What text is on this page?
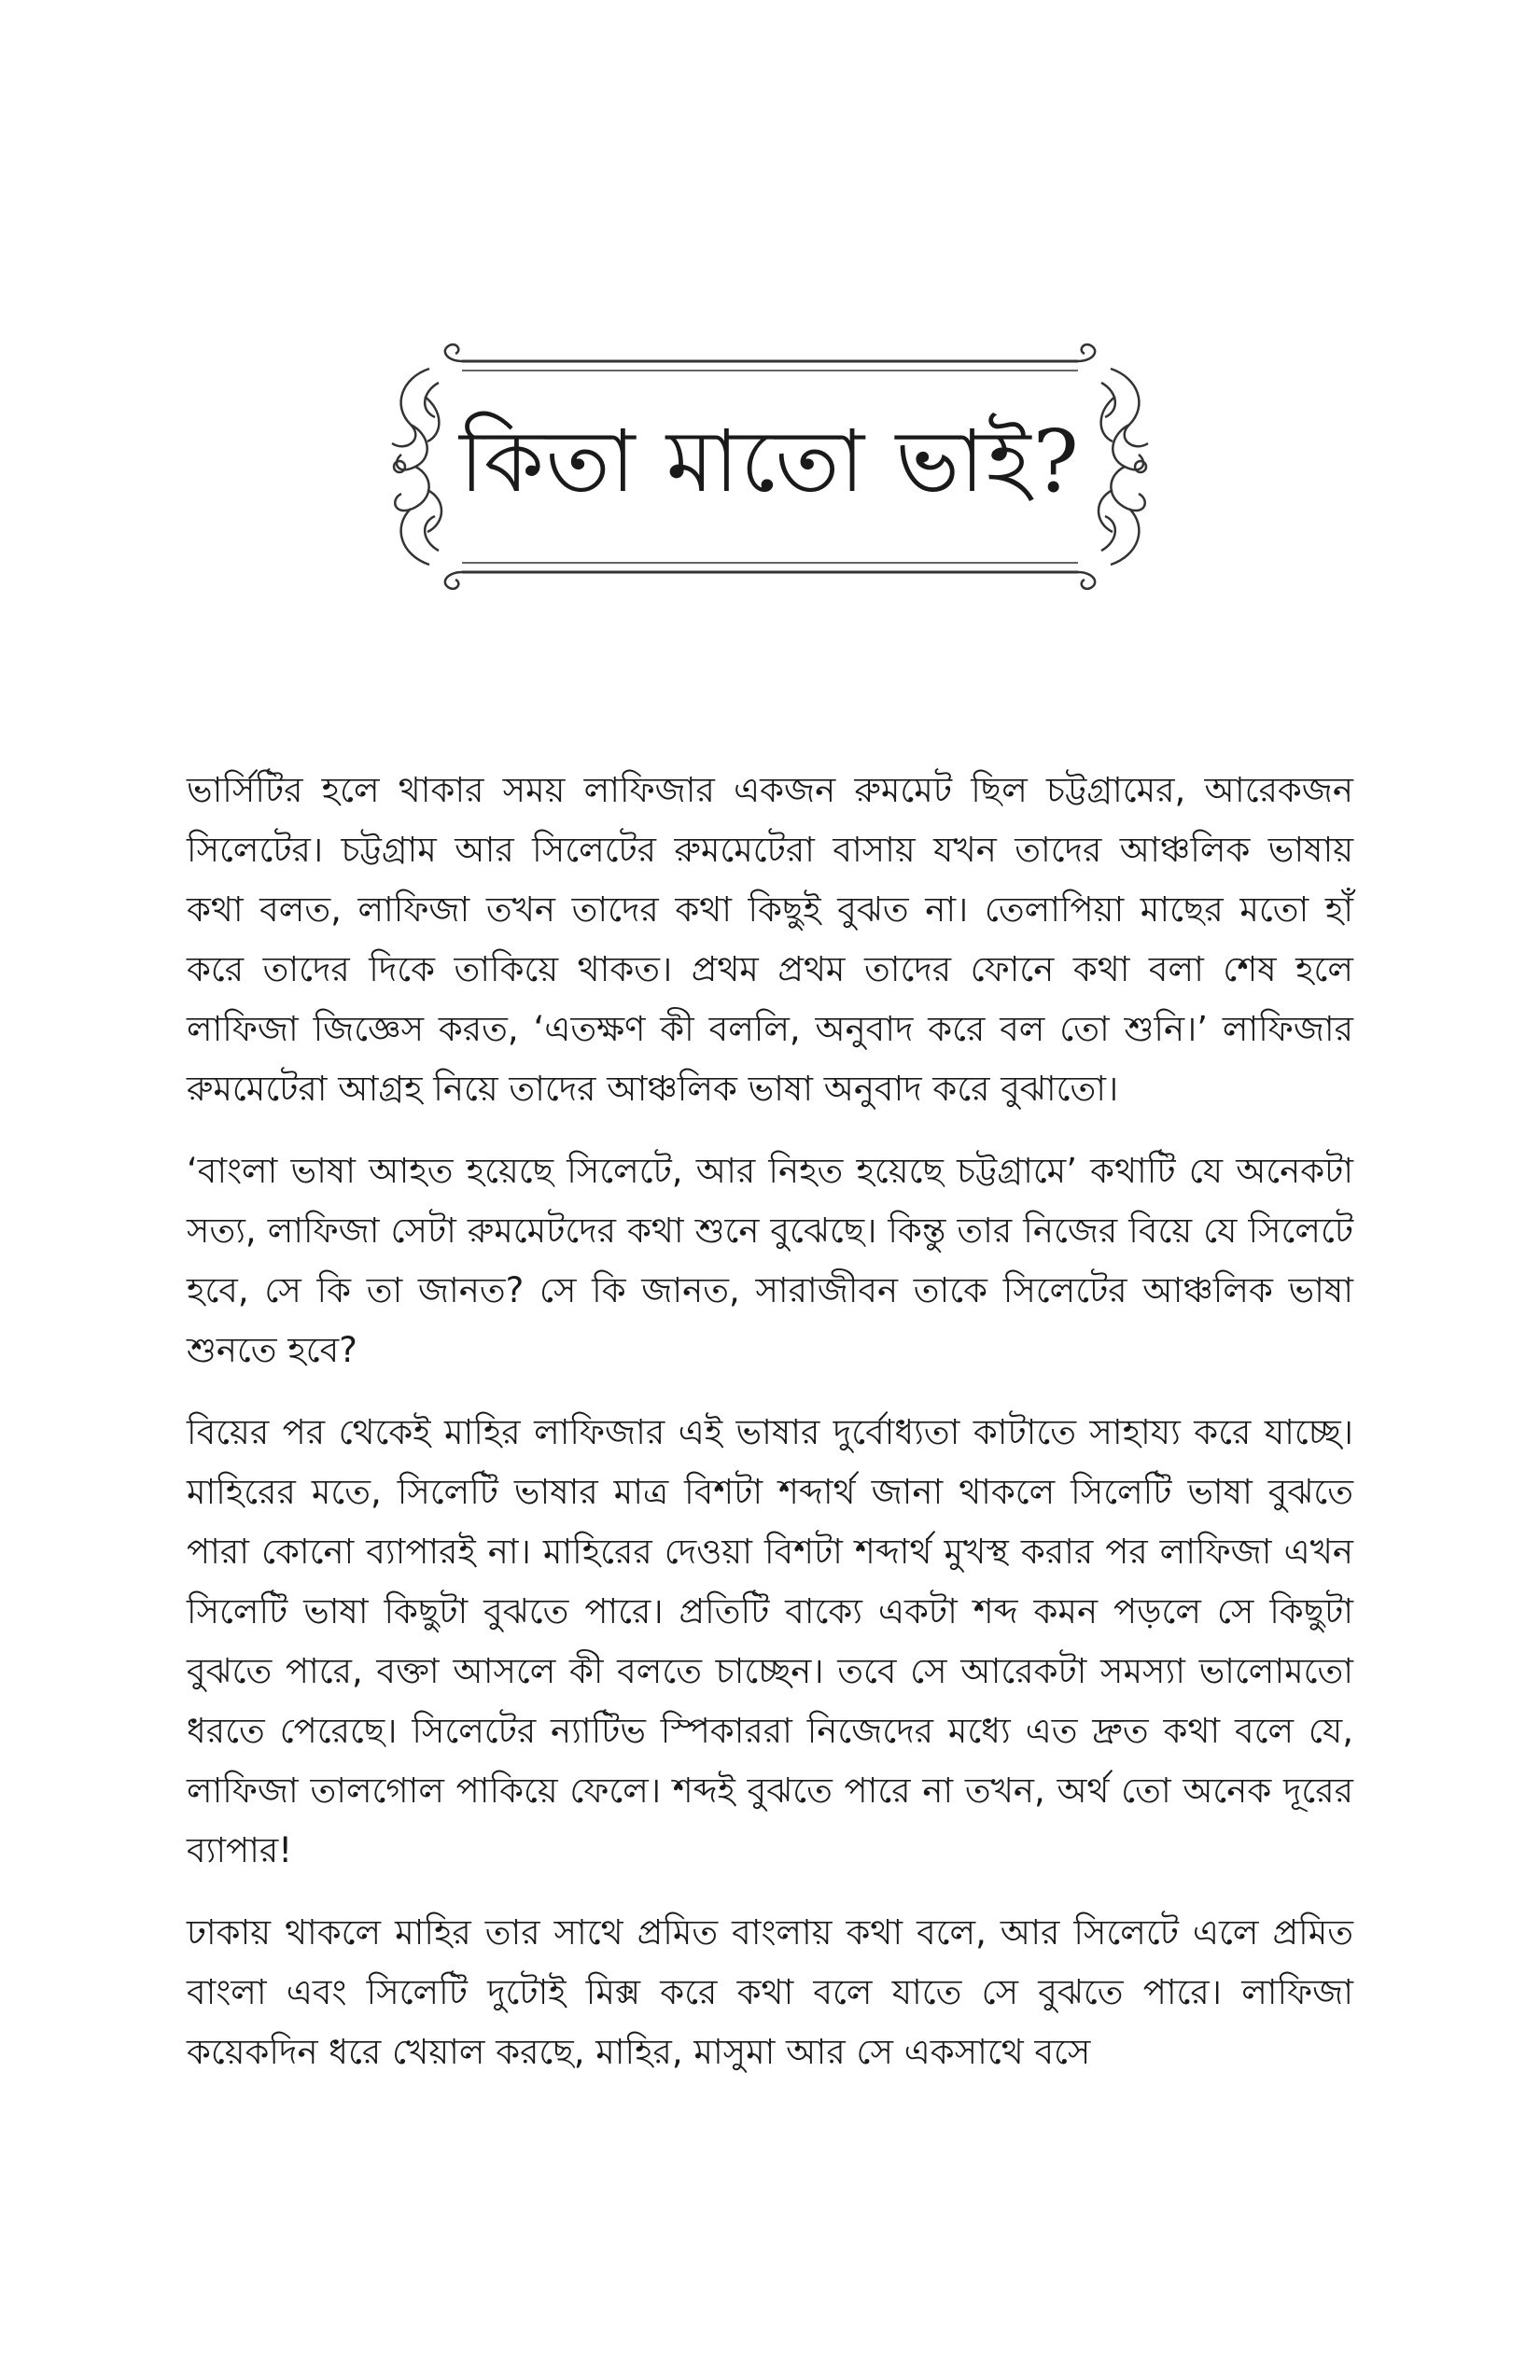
কিতা মাতো ভাই?

ভার্সিটির হলে থাকার সময় লাফিজার একজন রুমমেট ছিল চট্টগ্রামের, আরেকজন সিলেটের। চট্টগ্রাম আর সিলেটের রুমমেটেরা বাসায় যখন তাদের আঞ্চলিক ভাষায় কথা বলত, লাফিজা তখন তাদের কথা কিছুই বুঝত না। তেলাপিয়া মাছের মতো হাঁ করে তাদের দিকে তাকিয়ে থাকত। প্রথম প্রথম তাদের ফোনে কথা বলা শেষ হলে লাফিজা জিজ্ঞেস করত, ‘এতক্ষণ কী বললি, অনুবাদ করে বল তো শুনি।’ লাফিজার রুমমেটেরা আগ্রহ নিয়ে তাদের আঞ্চলিক ভাষা অনুবাদ করে বুঝাতো।

‘বাংলা ভাষা আহত হয়েছে সিলেটে, আর নিহত হয়েছে চট্টগ্রামে’ কথাটি যে অনেকটা সত্য, লাফিজা সেটা রুমমেটদের কথা শুনে বুঝেছে। কিন্তু তার নিজের বিয়ে যে সিলেটে হবে, সে কি তা জানত? সে কি জানত, সারাজীবন তাকে সিলেটের আঞ্চলিক ভাষা শুনতে হবে?

বিয়ের পর থেকেই মাহির লাফিজার এই ভাষার দুর্বোধ্যতা কাটাতে সাহায্য করে যাচ্ছে। মাহিরের মতে, সিলেটি ভাষার মাত্র বিশটা শব্দার্থ জানা থাকলে সিলেটি ভাষা বুঝতে পারা কোনো ব্যাপারই না। মাহিরের দেওয়া বিশটা শব্দার্থ মুখস্থ করার পর লাফিজা এখন সিলেটি ভাষা কিছুটা বুঝতে পারে। প্রতিটি বাক্যে একটা শব্দ কমন পড়লে সে কিছুটা বুঝতে পারে, বক্তা আসলে কী বলতে চাচ্ছেন। তবে সে আরেকটা সমস্যা ভালোমতো ধরতে পেরেছে। সিলেটের ন্যাটিভ স্পিকাররা নিজেদের মধ্যে এত দ্রুত কথা বলে যে, লাফিজা তালগোল পাকিয়ে ফেলে। শব্দই বুঝতে পারে না তখন, অর্থ তো অনেক দূরের ব্যাপার!

ঢাকায় থাকলে মাহির তার সাথে প্রমিত বাংলায় কথা বলে, আর সিলেটে এলে প্রমিত বাংলা এবং সিলেটি দুটোই মিক্স করে কথা বলে যাতে সে বুঝতে পারে। লাফিজা কয়েকদিন ধরে খেয়াল করছে, মাহির, মাসুমা আর সে একসাথে বসে
